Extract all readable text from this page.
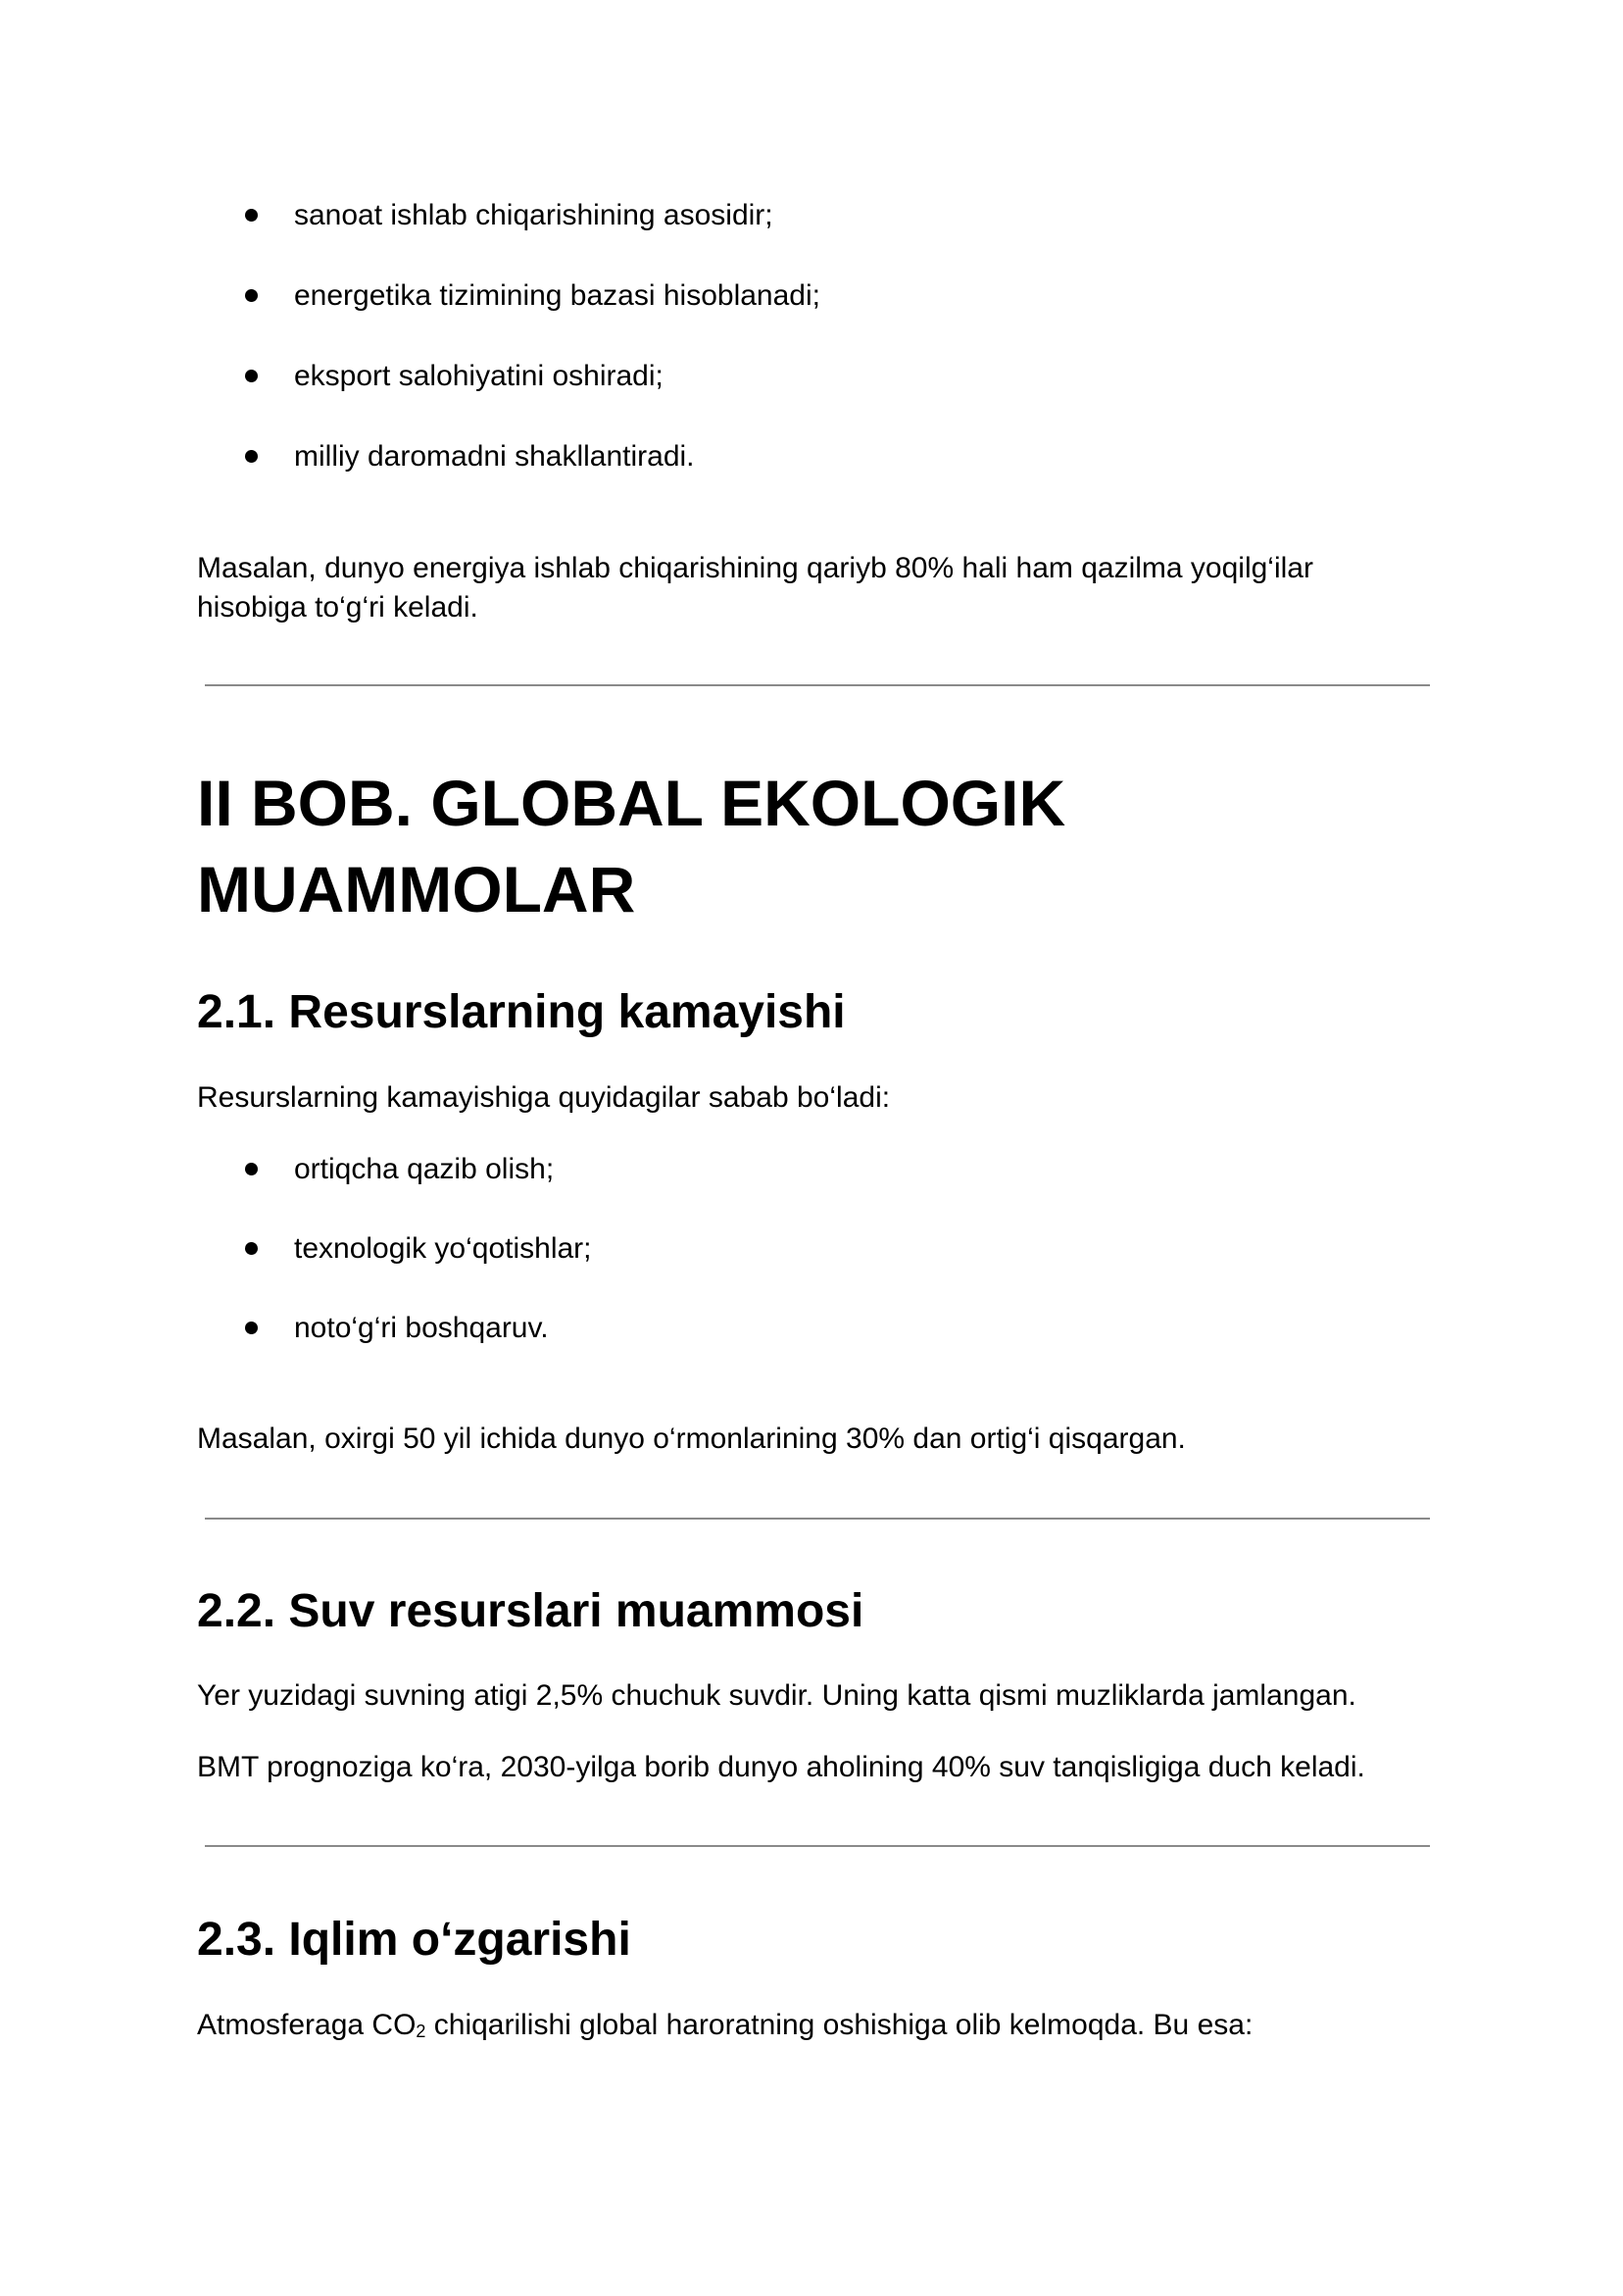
sanoat ishlab chiqarishining asosidir;
energetika tizimining bazasi hisoblanadi;
eksport salohiyatini oshiradi;
milliy daromadni shakllantiradi.
Masalan, dunyo energiya ishlab chiqarishining qariyb 80% hali ham qazilma yoqilg‘ilar
hisobiga to‘g‘ri keladi.
II BOB. GLOBAL EKOLOGIK
MUAMMOLAR
2.1. Resurslarning kamayishi
Resurslarning kamayishiga quyidagilar sabab bo‘ladi:
ortiqcha qazib olish;
texnologik yo‘qotishlar;
noto‘g‘ri boshqaruv.
Masalan, oxirgi 50 yil ichida dunyo o‘rmonlarining 30% dan ortig‘i qisqargan.
2.2. Suv resurslari muammosi
Yer yuzidagi suvning atigi 2,5% chuchuk suvdir. Uning katta qismi muzliklarda jamlangan.
BMT prognoziga ko‘ra, 2030-yilga borib dunyo aholining 40% suv tanqisligiga duch keladi.
2.3. Iqlim o‘zgarishi
Atmosferaga $CO_2$ chiqarilishi global haroratning oshishiga olib kelmoqda. Bu esa:
